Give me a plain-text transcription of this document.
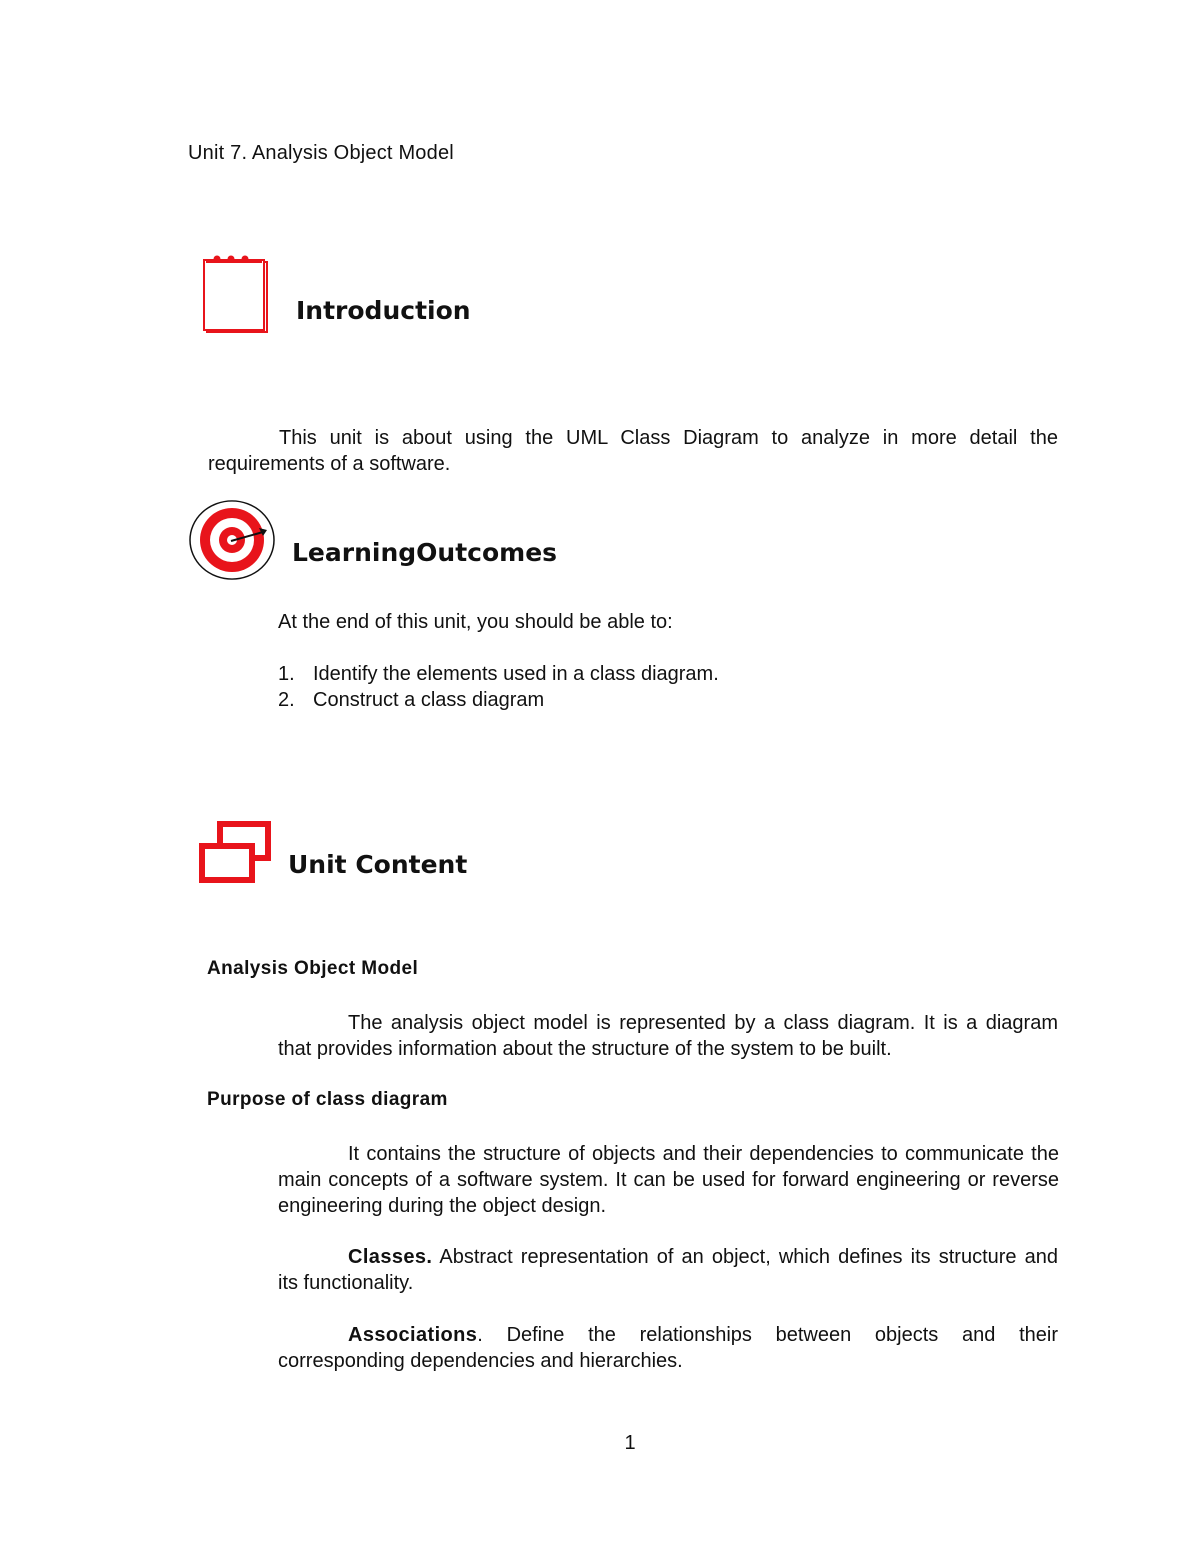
Unit 7. Analysis Object Model
Introduction
This unit is about using the UML Class Diagram to analyze in more detail the requirements of a software.
LearningOutcomes
At the end of this unit, you should be able to:
1. Identify the elements used in a class diagram.
2. Construct a class diagram
Unit Content
Analysis Object Model
The analysis object model is represented by a class diagram. It is a diagram that provides information about the structure of the system to be built.
Purpose of class diagram
It contains the structure of objects and their dependencies to communicate the main concepts of a software system. It can be used for forward engineering or reverse engineering during the object design.
Classes. Abstract representation of an object, which defines its structure and its functionality.
Associations. Define the relationships between objects and their corresponding dependencies and hierarchies.
1
